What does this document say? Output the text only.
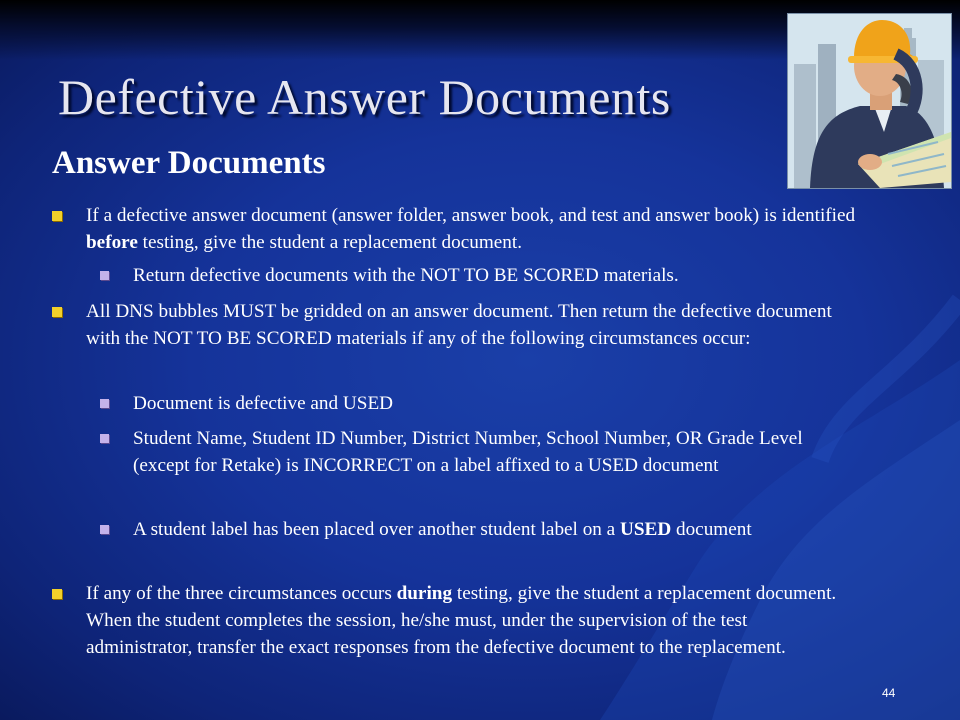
Defective Answer Documents
Answer Documents
If a defective answer document (answer folder, answer book, and test and answer book) is identified before testing, give the student a replacement document.
Return defective documents with the NOT TO BE SCORED materials.
All DNS bubbles MUST be gridded on an answer document. Then return the defective document with the NOT TO BE SCORED materials if any of the following circumstances occur:
Document is defective and USED
Student Name, Student ID Number, District Number, School Number, OR Grade Level (except for Retake) is INCORRECT on a label affixed to a USED document
A student label has been placed over another student label on a USED document
If any of the three circumstances occurs during testing, give the student a replacement document. When the student completes the session, he/she must, under the supervision of the test administrator, transfer the exact responses from the defective document to the replacement.
44
